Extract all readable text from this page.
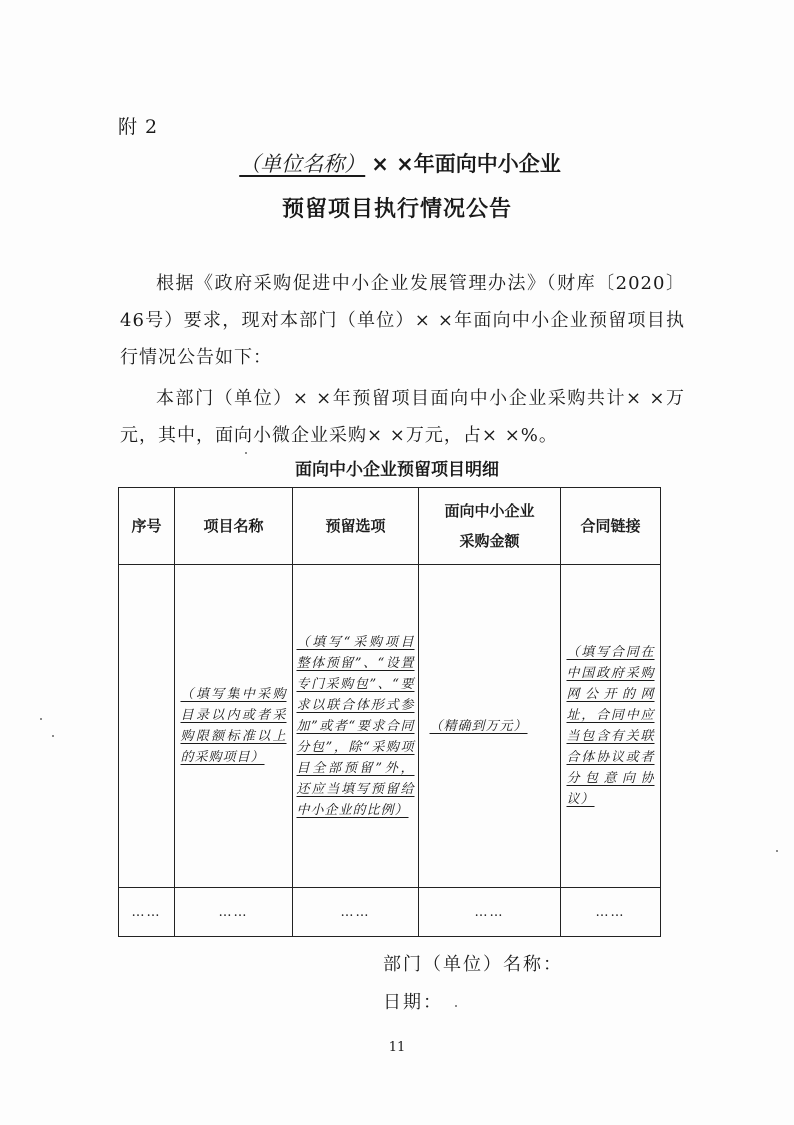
附 2
（单位名称） × ×年面向中小企业
预留项目执行情况公告
根据《政府采购促进中小企业发展管理办法》（财库〔2020〕46号）要求，现对本部门（单位）× ×年面向中小企业预留项目执行情况公告如下：
本部门（单位）× ×年预留项目面向中小企业采购共计× ×万元，其中，面向小微企业采购× ×万元，占× ×%。
面向中小企业预留项目明细
序号	项目名称	预留选项	面向中小企业采购金额	合同链接
	（填写集中采购目录以内或者采购限额标准以上的采购项目）	（填写“采购项目整体预留”、“设置专门采购包”、“要求以联合体形式参加”或者“要求合同分包”，除“采购项目全部预留”外，还应当填写预留给中小企业的比例）	（精确到万元）	（填写合同在中国政府采购网公开的网址，合同中应当包含有关联合体协议或者分包意向协议）
……	……	……	……	……
部门（单位）名称：
日期：
11
